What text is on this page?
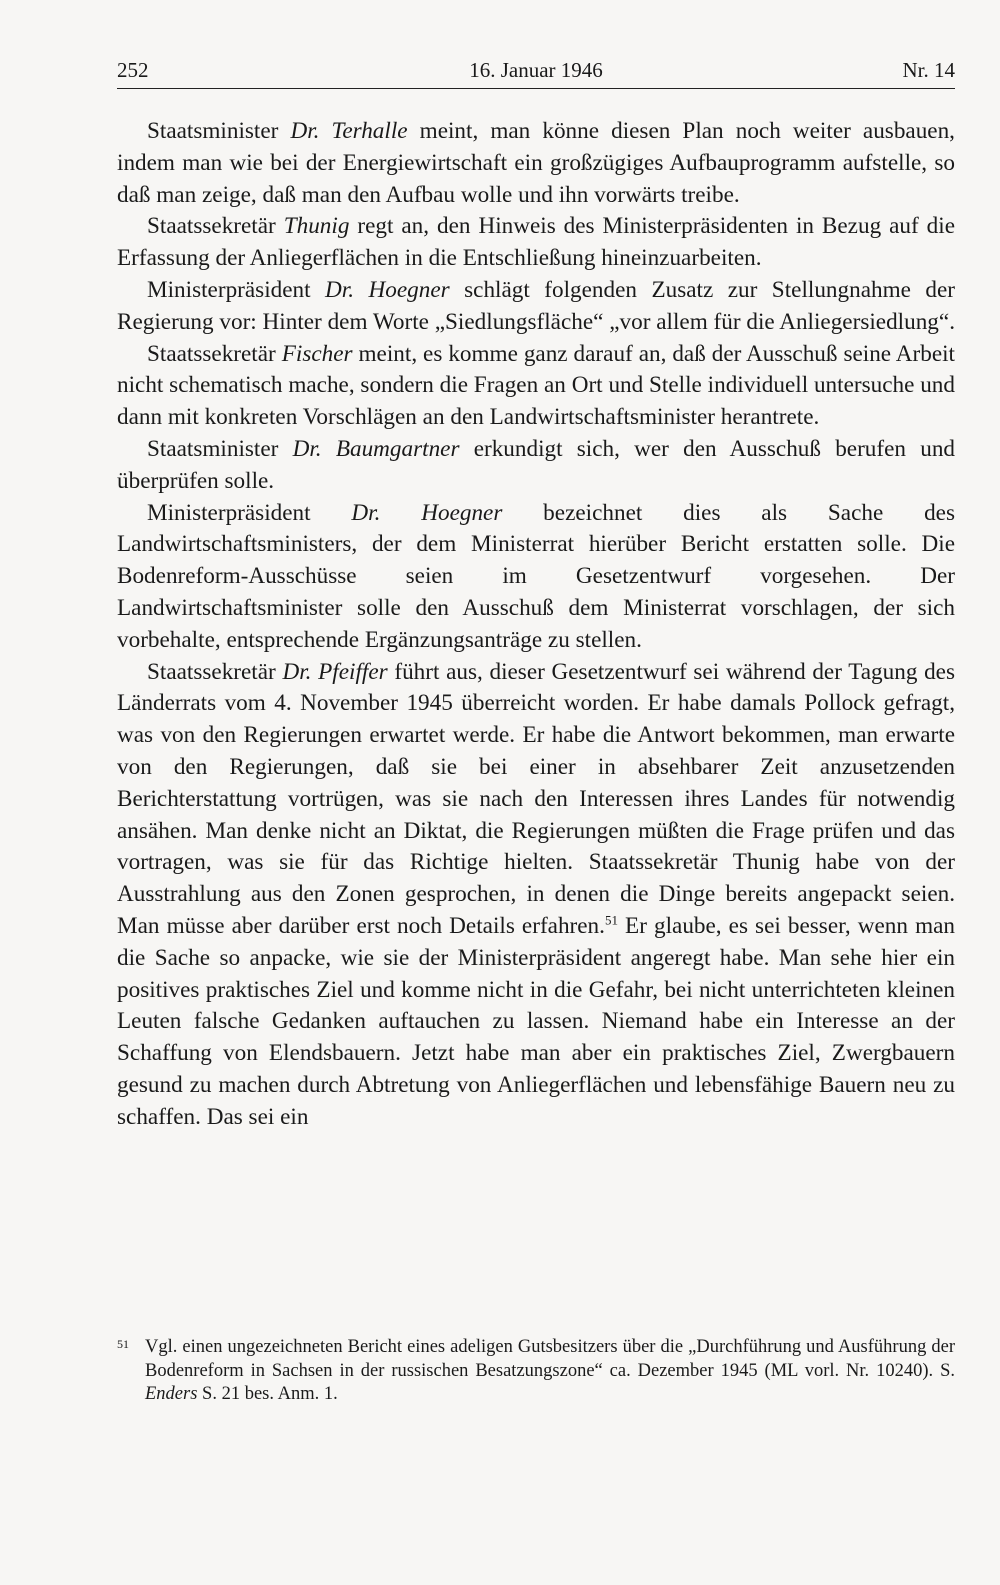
252	16. Januar 1946	Nr. 14

Staatsminister Dr. Terhalle meint, man könne diesen Plan noch weiter ausbauen, indem man wie bei der Energiewirtschaft ein großzügiges Aufbauprogramm aufstelle, so daß man zeige, daß man den Aufbau wolle und ihn vorwärts treibe.

Staatssekretär Thunig regt an, den Hinweis des Ministerpräsidenten in Bezug auf die Erfassung der Anliegerflächen in die Entschließung hineinzuarbeiten.

Ministerpräsident Dr. Hoegner schlägt folgenden Zusatz zur Stellungnahme der Regierung vor: Hinter dem Worte „Siedlungsfläche“ „vor allem für die Anliegersiedlung“.

Staatssekretär Fischer meint, es komme ganz darauf an, daß der Ausschuß seine Arbeit nicht schematisch mache, sondern die Fragen an Ort und Stelle individuell untersuche und dann mit konkreten Vorschlägen an den Landwirtschaftsminister herantrete.

Staatsminister Dr. Baumgartner erkundigt sich, wer den Ausschuß berufen und überprüfen solle.

Ministerpräsident Dr. Hoegner bezeichnet dies als Sache des Landwirtschaftsministers, der dem Ministerrat hierüber Bericht erstatten solle. Die Bodenreform-Ausschüsse seien im Gesetzentwurf vorgesehen. Der Landwirtschaftsminister solle den Ausschuß dem Ministerrat vorschlagen, der sich vorbehalte, entsprechende Ergänzungsanträge zu stellen.

Staatssekretär Dr. Pfeiffer führt aus, dieser Gesetzentwurf sei während der Tagung des Länderrats vom 4. November 1945 überreicht worden. Er habe damals Pollock gefragt, was von den Regierungen erwartet werde. Er habe die Antwort bekommen, man erwarte von den Regierungen, daß sie bei einer in absehbarer Zeit anzusetzenden Berichterstattung vortrügen, was sie nach den Interessen ihres Landes für notwendig ansähen. Man denke nicht an Diktat, die Regierungen müßten die Frage prüfen und das vortragen, was sie für das Richtige hielten. Staatssekretär Thunig habe von der Ausstrahlung aus den Zonen gesprochen, in denen die Dinge bereits angepackt seien. Man müsse aber darüber erst noch Details erfahren.$^{51}$ Er glaube, es sei besser, wenn man die Sache so anpacke, wie sie der Ministerpräsident angeregt habe. Man sehe hier ein positives praktisches Ziel und komme nicht in die Gefahr, bei nicht unterrichteten kleinen Leuten falsche Gedanken auftauchen zu lassen. Niemand habe ein Interesse an der Schaffung von Elendsbauern. Jetzt habe man aber ein praktisches Ziel, Zwergbauern gesund zu machen durch Abtretung von Anliegerflächen und lebensfähige Bauern neu zu schaffen. Das sei ein

51 Vgl. einen ungezeichneten Bericht eines adeligen Gutsbesitzers über die „Durchführung und Ausführung der Bodenreform in Sachsen in der russischen Besatzungszone“ ca. Dezember 1945 (ML vorl. Nr. 10240). S. Enders S. 21 bes. Anm. 1.
